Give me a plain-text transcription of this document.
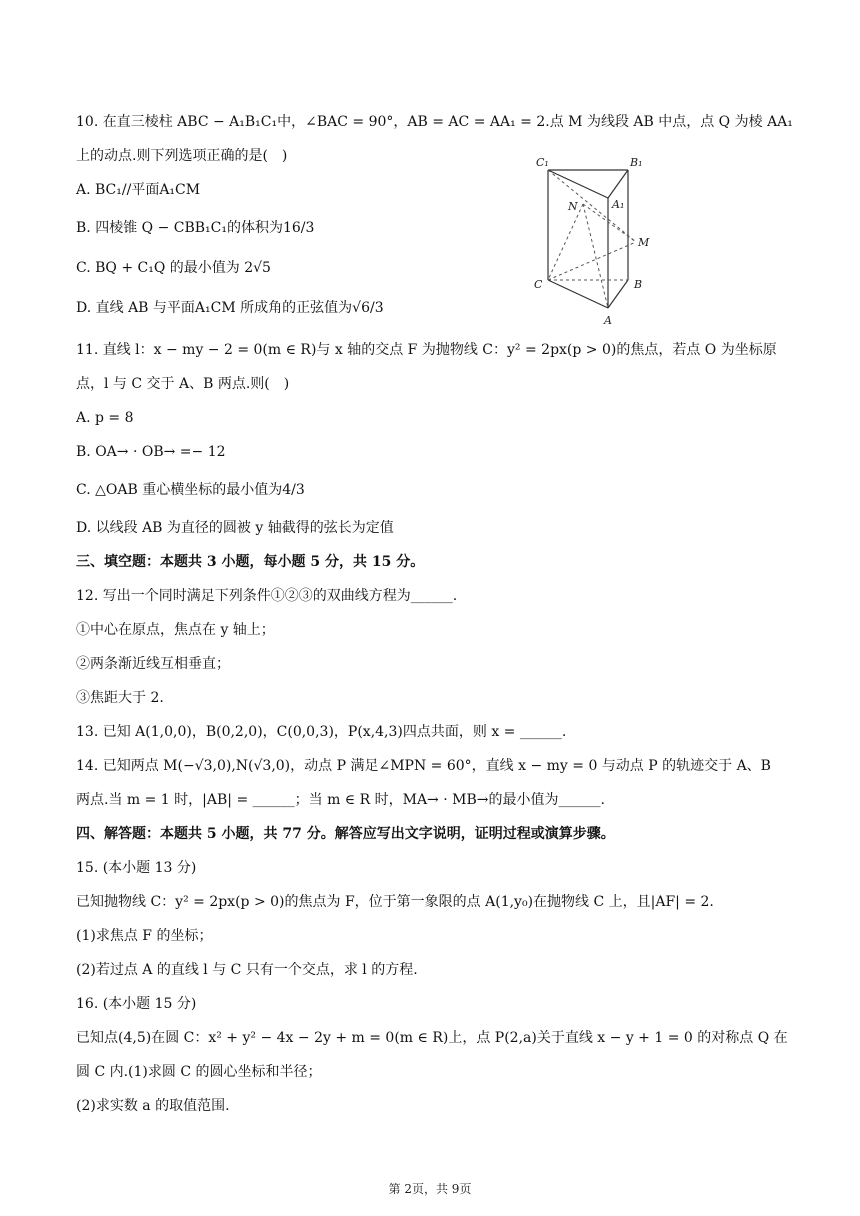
10. 在直三棱柱 ABC − A₁B₁C₁中，∠BAC = 90°，AB = AC = AA₁ = 2.点 M 为线段 AB 中点，点 Q 为棱 AA₁
上的动点.则下列选项正确的是(　)
A. BC₁//平面A₁CM
B. 四棱锥 Q − CBB₁C₁的体积为16/3
C. BQ + C₁Q 的最小值为 2√5
D. 直线 AB 与平面A₁CM 所成角的正弦值为√6/3
C₁	B₁
A₁
N
M
C	B
A
11. 直线 l：x − my − 2 = 0(m ∈ R)与 x 轴的交点 F 为抛物线 C：y² = 2px(p > 0)的焦点，若点 O 为坐标原
点，l 与 C 交于 A、B 两点.则(　)
A. p = 8
B. OA→ · OB→ =− 12
C. △OAB 重心横坐标的最小值为4/3
D. 以线段 AB 为直径的圆被 y 轴截得的弦长为定值
三、填空题：本题共 3 小题，每小题 5 分，共 15 分。
12. 写出一个同时满足下列条件①②③的双曲线方程为______.
①中心在原点，焦点在 y 轴上；
②两条渐近线互相垂直；
③焦距大于 2.
13. 已知 A(1,0,0)，B(0,2,0)，C(0,0,3)，P(x,4,3)四点共面，则 x = ______.
14. 已知两点 M(−√3,0),N(√3,0)，动点 P 满足∠MPN = 60°，直线 x − my = 0 与动点 P 的轨迹交于 A、B
两点.当 m = 1 时，|AB| = ______；当 m ∈ R 时，MA→ · MB→的最小值为______.
四、解答题：本题共 5 小题，共 77 分。解答应写出文字说明，证明过程或演算步骤。
15. (本小题 13 分)
已知抛物线 C：y² = 2px(p > 0)的焦点为 F，位于第一象限的点 A(1,y₀)在抛物线 C 上，且|AF| = 2.
(1)求焦点 F 的坐标；
(2)若过点 A 的直线 l 与 C 只有一个交点，求 l 的方程.
16. (本小题 15 分)
已知点(4,5)在圆 C：x² + y² − 4x − 2y + m = 0(m ∈ R)上，点 P(2,a)关于直线 x − y + 1 = 0 的对称点 Q 在
圆 C 内.(1)求圆 C 的圆心坐标和半径；
(2)求实数 a 的取值范围.
第 2页，共 9页
